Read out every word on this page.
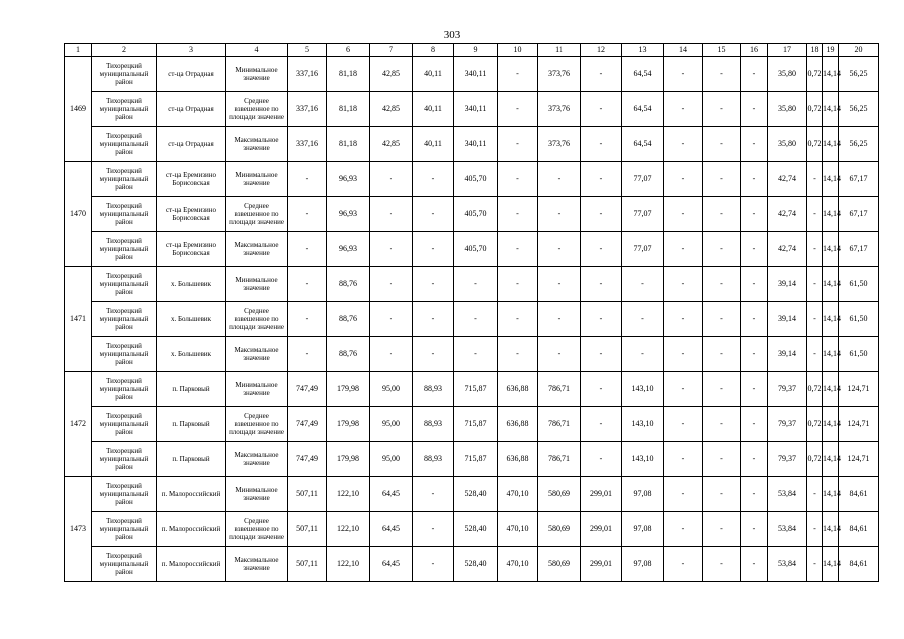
303
1	2	3	4	5	6	7	8	9	10	11	12	13	14	15	16	17	18	19	20
1469	Тихорецкий муниципальный район	ст-ца Отрадная	Минимальное значение	337,16	81,18	42,85	40,11	340,11	-	373,76	-	64,54	-	-	-	35,80	0,72	14,14	56,25
	Тихорецкий муниципальный район	ст-ца Отрадная	Среднее взвешенное по площади значение	337,16	81,18	42,85	40,11	340,11	-	373,76	-	64,54	-	-	-	35,80	0,72	14,14	56,25
	Тихорецкий муниципальный район	ст-ца Отрадная	Максимальное значение	337,16	81,18	42,85	40,11	340,11	-	373,76	-	64,54	-	-	-	35,80	0,72	14,14	56,25
1470	Тихорецкий муниципальный район	ст-ца Еремизино Борисовская	Минимальное значение	-	96,93	-	-	405,70	-	-	-	77,07	-	-	-	42,74	-	14,14	67,17
	Тихорецкий муниципальный район	ст-ца Еремизино Борисовская	Среднее взвешенное по площади значение	-	96,93	-	-	405,70	-	-	-	77,07	-	-	-	42,74	-	14,14	67,17
	Тихорецкий муниципальный район	ст-ца Еремизино Борисовская	Максимальное значение	-	96,93	-	-	405,70	-	-	-	77,07	-	-	-	42,74	-	14,14	67,17
1471	Тихорецкий муниципальный район	х. Большевик	Минимальное значение	-	88,76	-	-	-	-	-	-	-	-	-	-	39,14	-	14,14	61,50
	Тихорецкий муниципальный район	х. Большевик	Среднее взвешенное по площади значение	-	88,76	-	-	-	-	-	-	-	-	-	-	39,14	-	14,14	61,50
	Тихорецкий муниципальный район	х. Большевик	Максимальное значение	-	88,76	-	-	-	-	-	-	-	-	-	-	39,14	-	14,14	61,50
1472	Тихорецкий муниципальный район	п. Парковый	Минимальное значение	747,49	179,98	95,00	88,93	715,87	636,88	786,71	-	143,10	-	-	-	79,37	0,72	14,14	124,71
	Тихорецкий муниципальный район	п. Парковый	Среднее взвешенное по площади значение	747,49	179,98	95,00	88,93	715,87	636,88	786,71	-	143,10	-	-	-	79,37	0,72	14,14	124,71
	Тихорецкий муниципальный район	п. Парковый	Максимальное значение	747,49	179,98	95,00	88,93	715,87	636,88	786,71	-	143,10	-	-	-	79,37	0,72	14,14	124,71
1473	Тихорецкий муниципальный район	п. Малороссийский	Минимальное значение	507,11	122,10	64,45	-	528,40	470,10	580,69	299,01	97,08	-	-	-	53,84	-	14,14	84,61
	Тихорецкий муниципальный район	п. Малороссийский	Среднее взвешенное по площади значение	507,11	122,10	64,45	-	528,40	470,10	580,69	299,01	97,08	-	-	-	53,84	-	14,14	84,61
	Тихорецкий муниципальный район	п. Малороссийский	Максимальное значение	507,11	122,10	64,45	-	528,40	470,10	580,69	299,01	97,08	-	-	-	53,84	-	14,14	84,61
